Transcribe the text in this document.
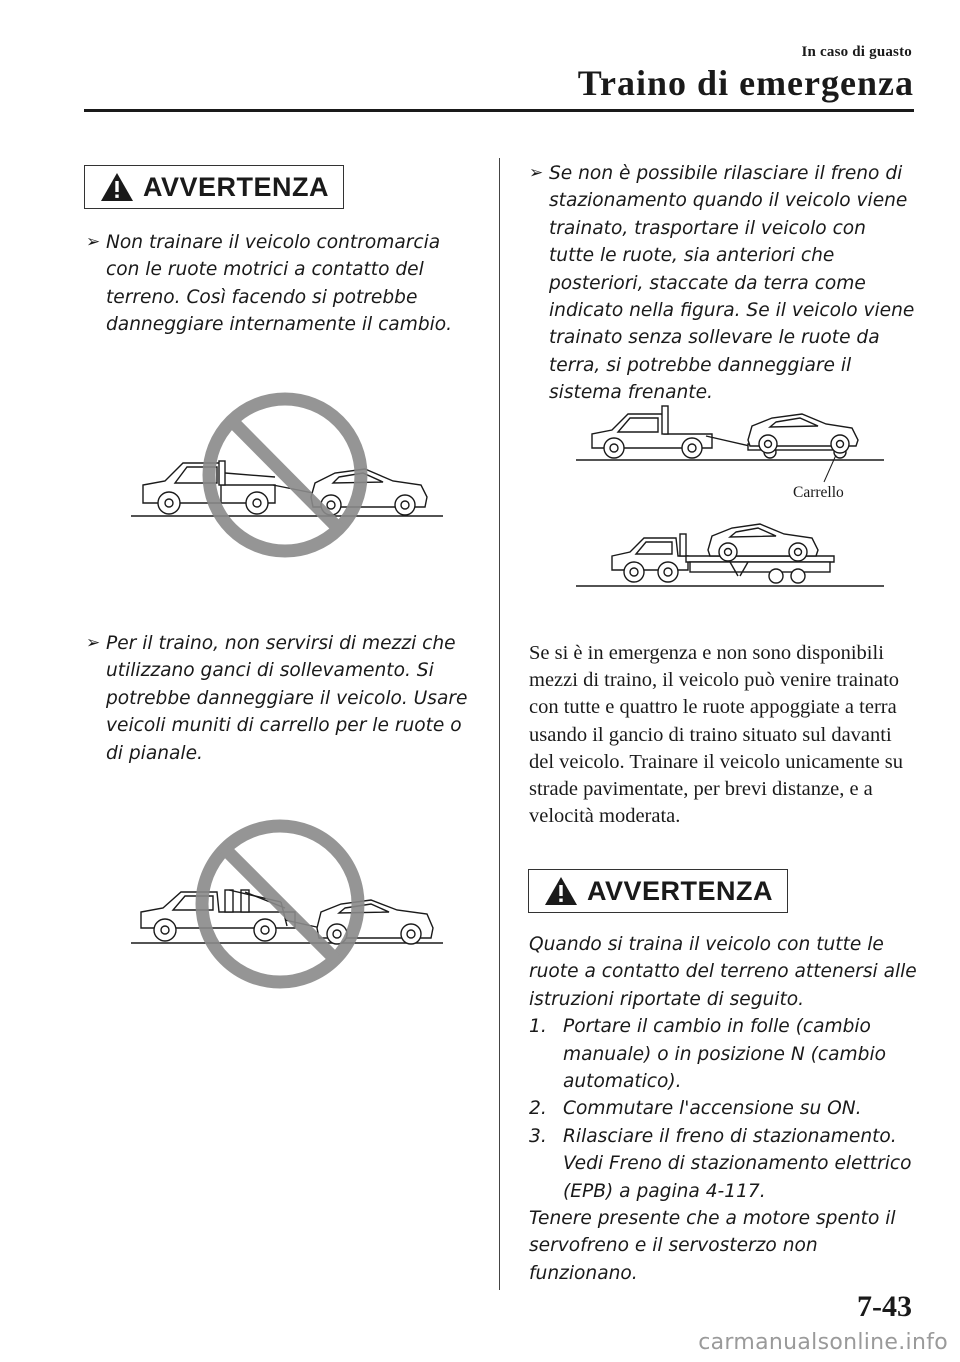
In caso di guasto
Traino di emergenza
AVVERTENZA
➢ Non trainare il veicolo contromarcia con le ruote motrici a contatto del terreno. Così facendo si potrebbe danneggiare internamente il cambio.
➢ Per il traino, non servirsi di mezzi che utilizzano ganci di sollevamento. Si potrebbe danneggiare il veicolo. Usare veicoli muniti di carrello per le ruote o di pianale.
➢ Se non è possibile rilasciare il freno di stazionamento quando il veicolo viene trainato, trasportare il veicolo con tutte le ruote, sia anteriori che posteriori, staccate da terra come indicato nella figura. Se il veicolo viene trainato senza sollevare le ruote da terra, si potrebbe danneggiare il sistema frenante.
Carrello
Se si è in emergenza e non sono disponibili mezzi di traino, il veicolo può venire trainato con tutte e quattro le ruote appoggiate a terra usando il gancio di traino situato sul davanti del veicolo. Trainare il veicolo unicamente su strade pavimentate, per brevi distanze, e a velocità moderata.
AVVERTENZA
Quando si traina il veicolo con tutte le ruote a contatto del terreno attenersi alle istruzioni riportate di seguito.
1. Portare il cambio in folle (cambio manuale) o in posizione N (cambio automatico).
2. Commutare l'accensione su ON.
3. Rilasciare il freno di stazionamento. Vedi Freno di stazionamento elettrico (EPB) a pagina 4-117.
Tenere presente che a motore spento il servofreno e il servosterzo non funzionano.
7-43
carmanualsonline.info
